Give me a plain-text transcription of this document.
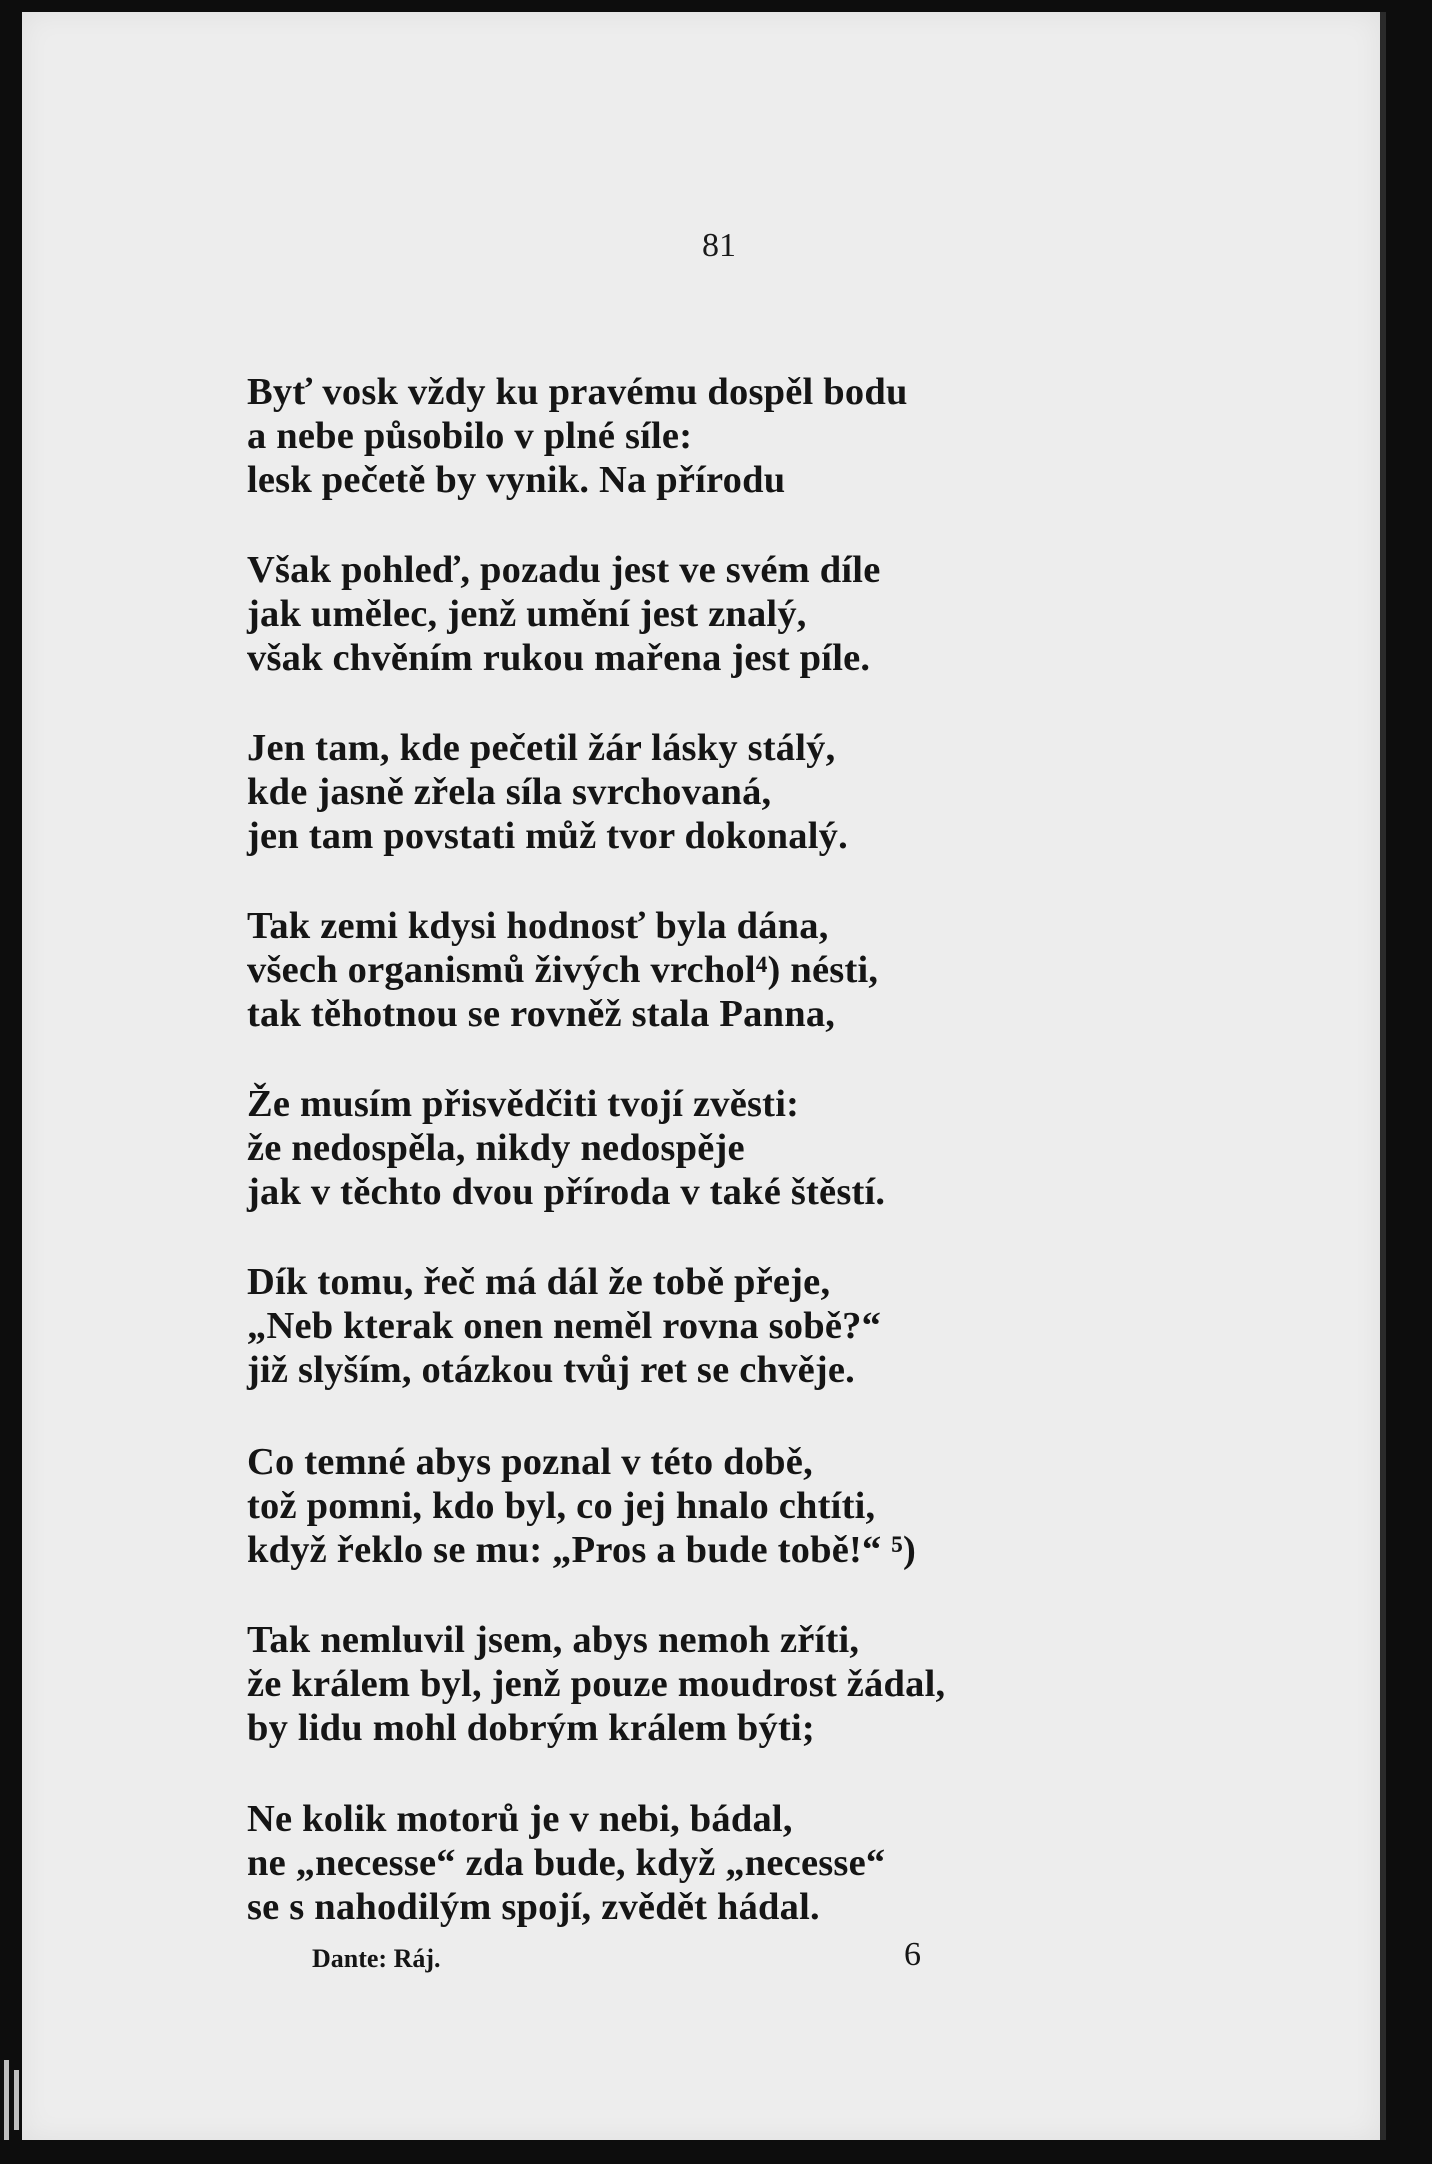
81
Byť vosk vždy ku pravému dospěl bodu
a nebe působilo v plné síle:
lesk pečetě by vynik. Na přírodu
Však pohleď, pozadu jest ve svém díle
jak umělec, jenž umění jest znalý,
však chvěním rukou mařena jest píle.
Jen tam, kde pečetil žár lásky stálý,
kde jasně zřela síla svrchovaná,
jen tam povstati můž tvor dokonalý.
Tak zemi kdysi hodnosť byla dána,
všech organismů živých vrchol⁴) nésti,
tak těhotnou se rovněž stala Panna,
Že musím přisvědčiti tvojí zvěsti:
že nedospěla, nikdy nedospěje
jak v těchto dvou příroda v také štěstí.
Dík tomu, řeč má dál že tobě přeje,
„Neb kterak onen neměl rovna sobě?“
již slyším, otázkou tvůj ret se chvěje.
Co temné abys poznal v této době,
tož pomni, kdo byl, co jej hnalo chtíti,
když řeklo se mu: „Pros a bude tobě!“ ⁵)
Tak nemluvil jsem, abys nemoh zříti,
že králem byl, jenž pouze moudrost žádal,
by lidu mohl dobrým králem býti;
Ne kolik motorů je v nebi, bádal,
ne „necesse“ zda bude, když „necesse“
se s nahodilým spojí, zvědět hádal.
Dante: Ráj.	6
